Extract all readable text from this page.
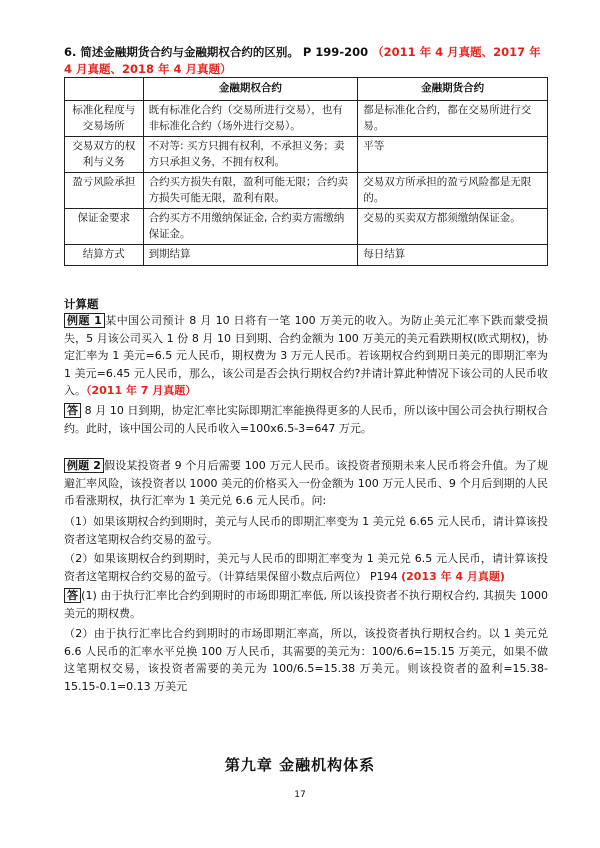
6. 简述金融期货合约与金融期权合约的区别。 P 199-200 （2011 年 4 月真题、2017 年 4 月真题、2018 年 4 月真题）
	金融期权合约	金融期货合约
标准化程度与交易场所	既有标准化合约（交易所进行交易），也有非标准化合约（场外进行交易）。	都是标准化合约，都在交易所进行交易。
交易双方的权利与义务	不对等: 买方只拥有权利，不承担义务；卖方只承担义务，不拥有权利。	平等
盈亏风险承担	合约买方损失有限，盈利可能无限；合约卖方损失可能无限，盈利有限。	交易双方所承担的盈亏风险都是无限的。
保证金要求	合约买方不用缴纳保证金, 合约卖方需缴纳保证金。	交易的买卖双方都须缴纳保证金。
结算方式	到期结算	每日结算
计算题
例题 1 某中国公司预计 8 月 10 日将有一笔 100 万美元的收入。为防止美元汇率下跌而蒙受损失，5 月该公司买入 1 份 8 月 10 日到期、合约金额为 100 万美元的美元看跌期权(欧式期权)，协定汇率为 1 美元=6.5 元人民币，期权费为 3 万元人民币。若该期权合约到期日美元的即期汇率为 1 美元=6.45 元人民币，那么，该公司是否会执行期权合约?并请计算此种情况下该公司的人民币收入。（2011 年 7 月真题）
答 8 月 10 日到期，协定汇率比实际即期汇率能换得更多的人民币，所以该中国公司会执行期权合约。此时，该中国公司的人民币收入=100x6.5-3=647 万元。
例题 2 假设某投资者 9 个月后需要 100 万元人民币。该投资者预期未来人民币将会升值。为了规避汇率风险，该投资者以 1000 美元的价格买入一份金额为 100 万元人民币、9 个月后到期的人民币看涨期权，执行汇率为 1 美元兑 6.6 元人民币。问:
（1）如果该期权合约到期时，美元与人民币的即期汇率变为 1 美元兑 6.65 元人民币，请计算该投资者这笔期权合约交易的盈亏。
（2）如果该期权合约到期时，美元与人民币的即期汇率变为 1 美元兑 6.5 元人民币，请计算该投资者这笔期权合约交易的盈亏。（计算结果保留小数点后两位） P194 (2013 年 4 月真题)
答 (1) 由于执行汇率比合约到期时的市场即期汇率低, 所以该投资者不执行期权合约, 其损失 1000 美元的期权费。
（2）由于执行汇率比合约到期时的市场即期汇率高，所以，该投资者执行期权合约。以 1 美元兑 6.6 人民币的汇率水平兑换 100 万人民币，其需要的美元为：100/6.6=15.15 万美元，如果不做这笔期权交易，该投资者需要的美元为 100/6.5=15.38 万美元。则该投资者的盈利=15.38-15.15-0.1=0.13 万美元
第九章 金融机构体系
17
